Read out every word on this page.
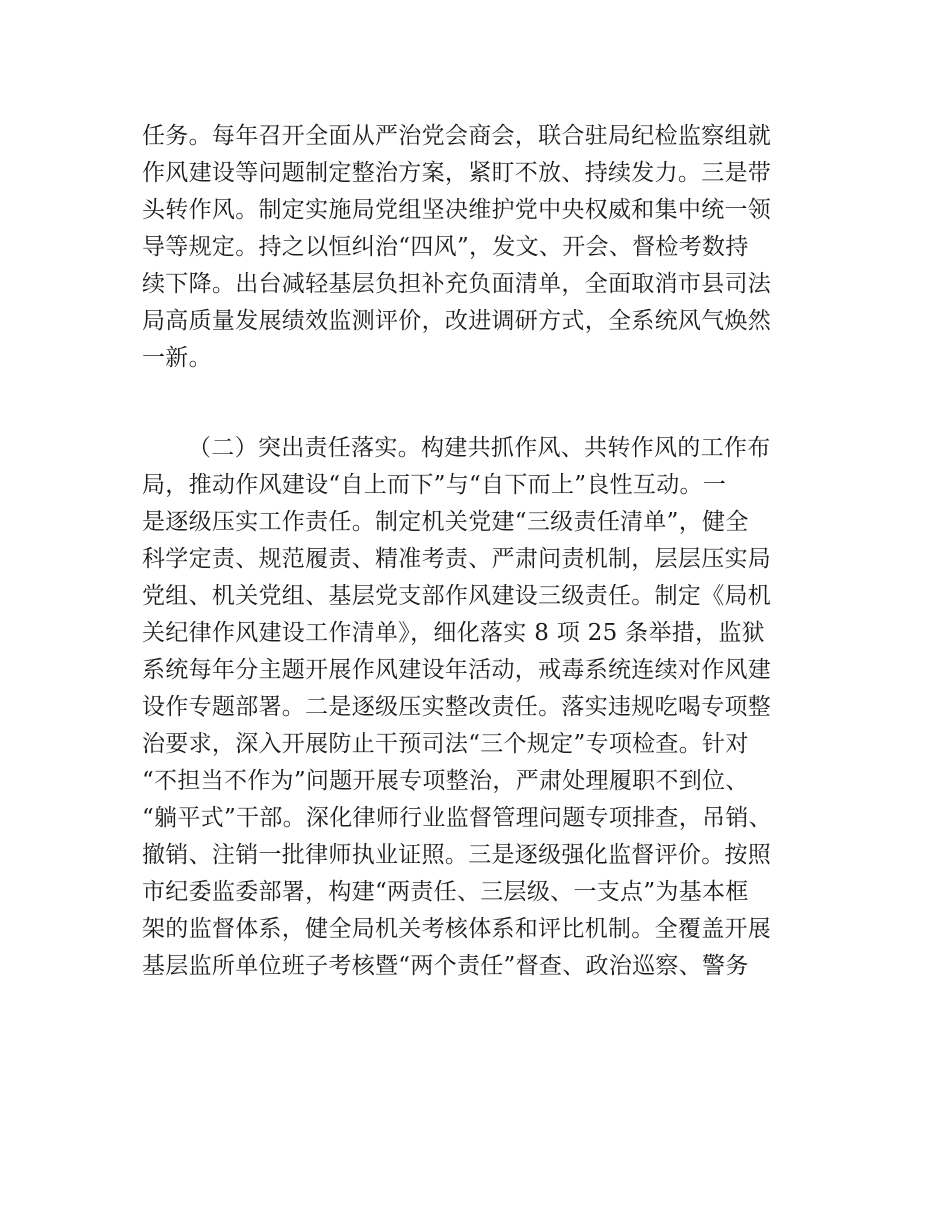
任务。每年召开全面从严治党会商会，联合驻局纪检监察组就
作风建设等问题制定整治方案，紧盯不放、持续发力。三是带
头转作风。制定实施局党组坚决维护党中央权威和集中统一领
导等规定。持之以恒纠治“四风”，发文、开会、督检考数持
续下降。出台减轻基层负担补充负面清单，全面取消市县司法
局高质量发展绩效监测评价，改进调研方式，全系统风气焕然
一新。
（二）突出责任落实。构建共抓作风、共转作风的工作布
局，推动作风建设“自上而下”与“自下而上”良性互动。一
是逐级压实工作责任。制定机关党建“三级责任清单”，健全
科学定责、规范履责、精准考责、严肃问责机制，层层压实局
党组、机关党组、基层党支部作风建设三级责任。制定《局机
关纪律作风建设工作清单》，细化落实 8 项 25 条举措，监狱
系统每年分主题开展作风建设年活动，戒毒系统连续对作风建
设作专题部署。二是逐级压实整改责任。落实违规吃喝专项整
治要求，深入开展防止干预司法“三个规定”专项检查。针对
“不担当不作为”问题开展专项整治，严肃处理履职不到位、
“躺平式”干部。深化律师行业监督管理问题专项排查，吊销、
撤销、注销一批律师执业证照。三是逐级强化监督评价。按照
市纪委监委部署，构建“两责任、三层级、一支点”为基本框
架的监督体系，健全局机关考核体系和评比机制。全覆盖开展
基层监所单位班子考核暨“两个责任”督查、政治巡察、警务
